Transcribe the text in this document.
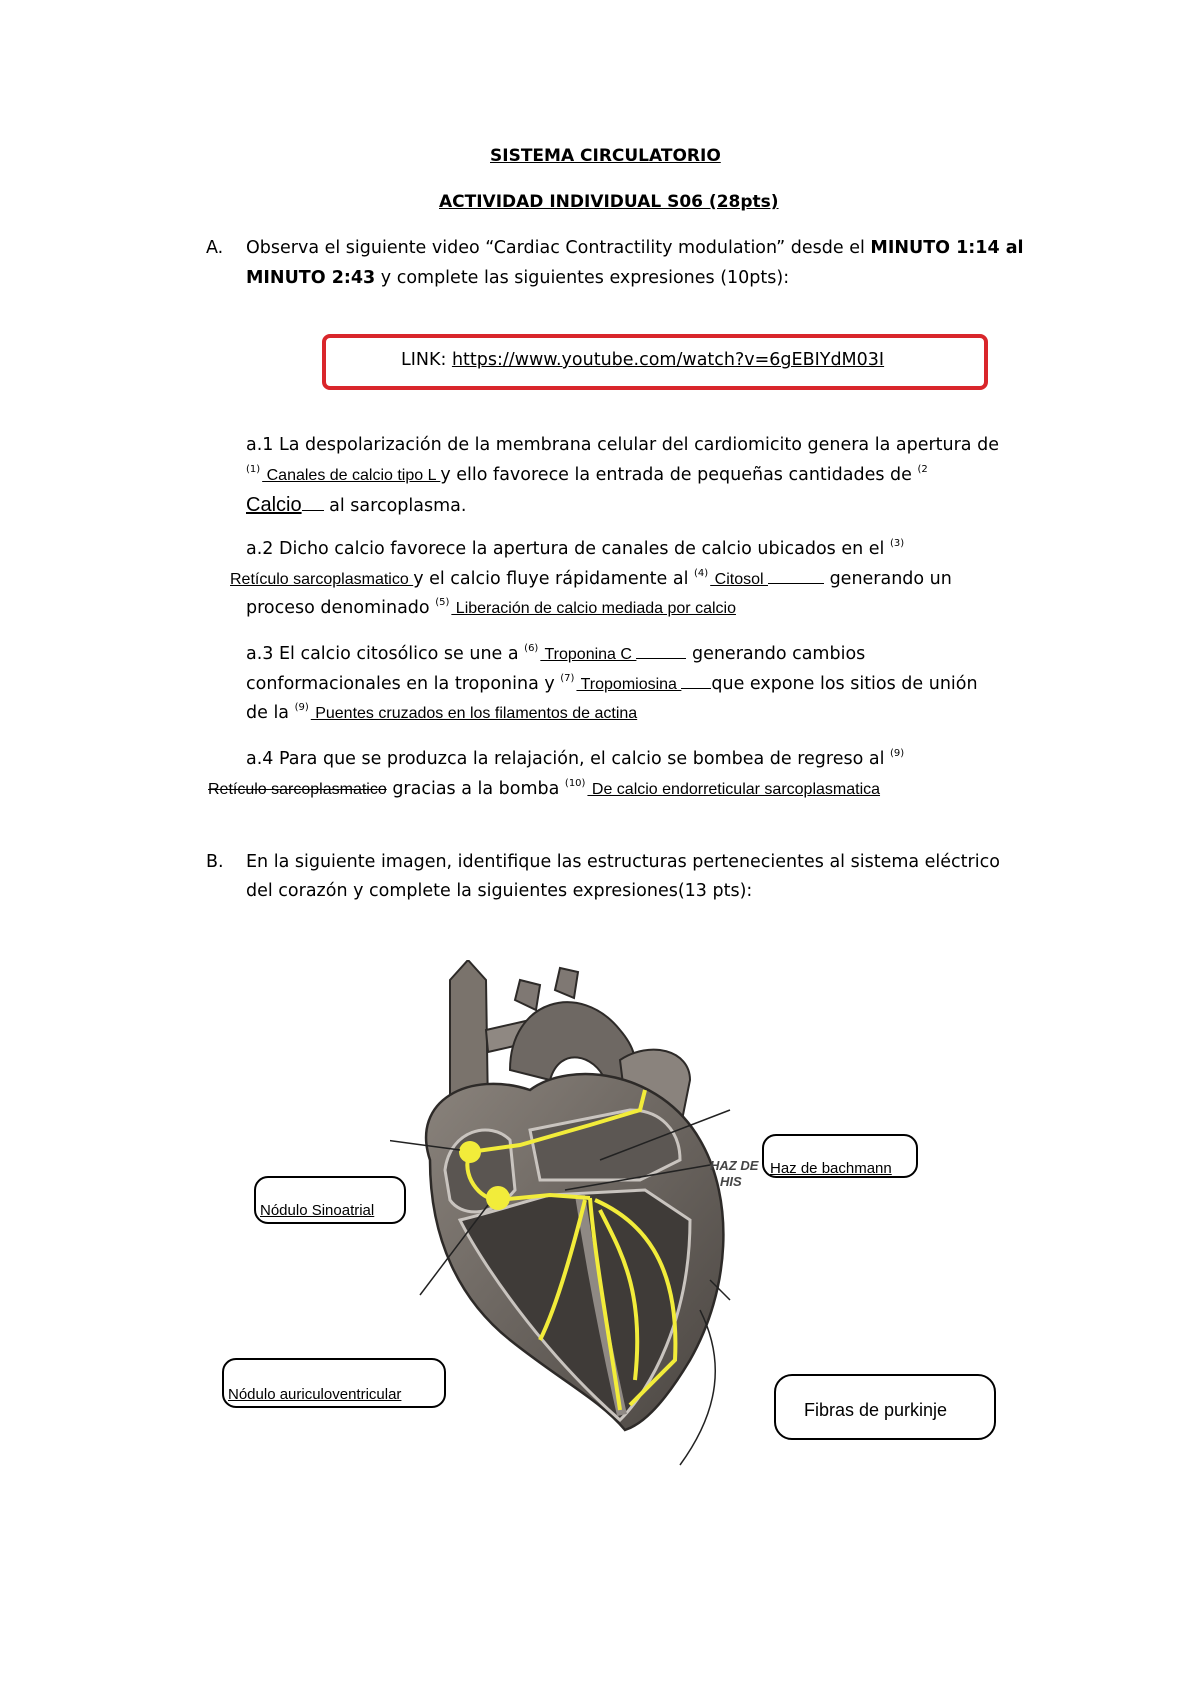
SISTEMA CIRCULATORIO
ACTIVIDAD INDIVIDUAL S06 (28pts)
A. Observa el siguiente video “Cardiac Contractility modulation” desde el MINUTO 1:14 al
MINUTO 2:43 y complete las siguientes expresiones (10pts):
LINK: https://www.youtube.com/watch?v=6gEBIYdM03I
a.1 La despolarización de la membrana celular del cardiomicito genera la apertura de
$^{(1)}$ Canales de calcio tipo L y ello favorece la entrada de pequeñas cantidades de $^{(2}$
Calcio al sarcoplasma.
a.2 Dicho calcio favorece la apertura de canales de calcio ubicados en el $^{(3)}$
Retículo sarcoplasmatico y el calcio fluye rápidamente al $^{(4)}$ Citosol	generando un
proceso denominado $^{(5)}$ Liberación de calcio mediada por calcio
a.3 El calcio citosólico se une a $^{(6)}$ Troponina C	generando cambios
conformacionales en la troponina y $^{(7)}$ Tropomiosina que expone los sitios de unión
de la $^{(9)}$ Puentes cruzados en los filamentos de actina
a.4 Para que se produzca la relajación, el calcio se bombea de regreso al $^{(9)}$
Retículo sarcoplasmatico gracias a la bomba $^{(10)}$ De calcio endorreticular sarcoplasmatica
B. En la siguiente imagen, identifique las estructuras pertenecientes al sistema eléctrico
del corazón y complete la siguientes expresiones(13 pts):
HAZ DE
HIS
Nódulo Sinoatrial
Nódulo auriculoventricular
Haz de bachmann
Fibras de purkinje
